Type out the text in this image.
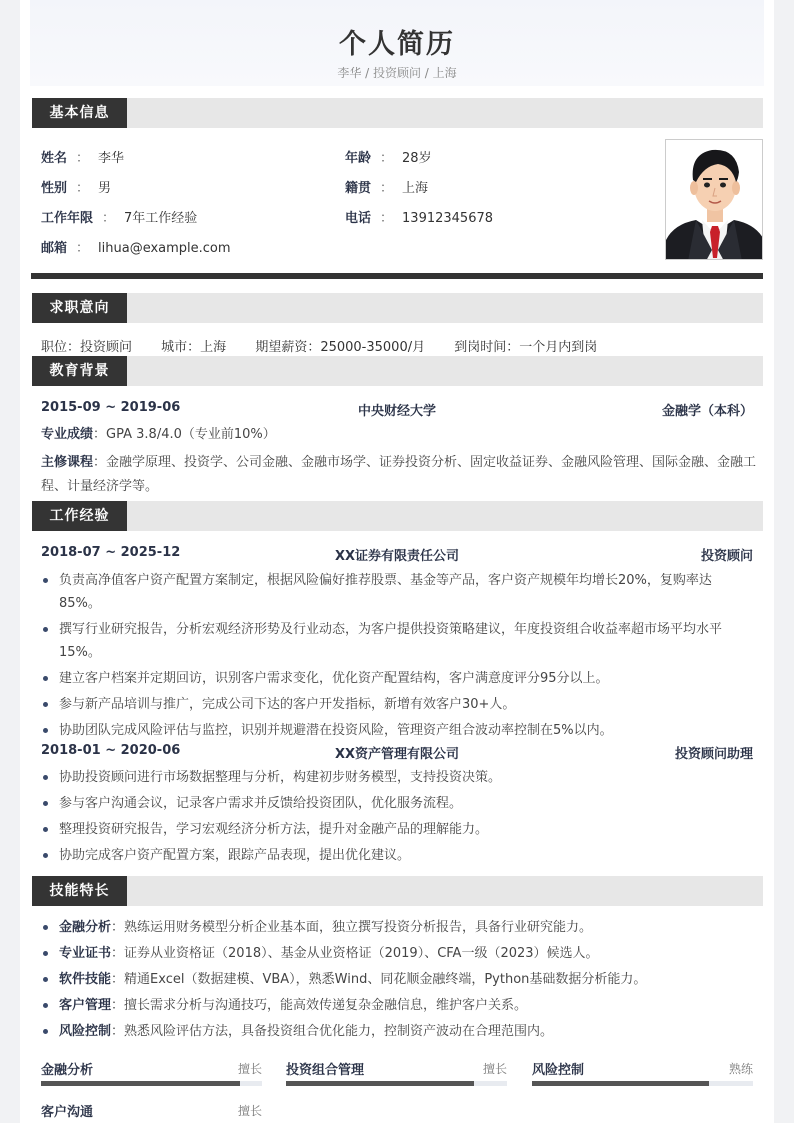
个人简历
李华 / 投资顾问 / 上海
基本信息
姓名 ： 李华	年龄 ： 28岁
性别 ： 男	籍贯 ： 上海
工作年限 ： 7年工作经验	电话 ： 13912345678
邮箱 ： lihua@example.com
求职意向
职位：投资顾问 城市：上海 期望薪资：25000-35000/月 到岗时间：一个月内到岗
教育背景
2015-09 ~ 2019-06	中央财经大学	金融学（本科）
专业成绩：GPA 3.8/4.0（专业前10%）
主修课程：金融学原理、投资学、公司金融、金融市场学、证券投资分析、固定收益证券、金融风险管理、国际金融、金融工程、计量经济学等。
工作经验
2018-07 ~ 2025-12	XX证券有限责任公司	投资顾问
负责高净值客户资产配置方案制定，根据风险偏好推荐股票、基金等产品，客户资产规模年均增长20%，复购率达85%。
撰写行业研究报告，分析宏观经济形势及行业动态，为客户提供投资策略建议，年度投资组合收益率超市场平均水平15%。
建立客户档案并定期回访，识别客户需求变化，优化资产配置结构，客户满意度评分95分以上。
参与新产品培训与推广，完成公司下达的客户开发指标，新增有效客户30+人。
协助团队完成风险评估与监控，识别并规避潜在投资风险，管理资产组合波动率控制在5%以内。
2018-01 ~ 2020-06	XX资产管理有限公司	投资顾问助理
协助投资顾问进行市场数据整理与分析，构建初步财务模型，支持投资决策。
参与客户沟通会议，记录客户需求并反馈给投资团队，优化服务流程。
整理投资研究报告，学习宏观经济分析方法，提升对金融产品的理解能力。
协助完成客户资产配置方案，跟踪产品表现，提出优化建议。
技能特长
金融分析：熟练运用财务模型分析企业基本面，独立撰写投资分析报告，具备行业研究能力。
专业证书：证券从业资格证（2018）、基金从业资格证（2019）、CFA一级（2023）候选人。
软件技能：精通Excel（数据建模、VBA），熟悉Wind、同花顺金融终端，Python基础数据分析能力。
客户管理：擅长需求分析与沟通技巧，能高效传递复杂金融信息，维护客户关系。
风险控制：熟悉风险评估方法，具备投资组合优化能力，控制资产波动在合理范围内。
金融分析	擅长 投资组合管理	擅长 风险控制	熟练
客户沟通	擅长
